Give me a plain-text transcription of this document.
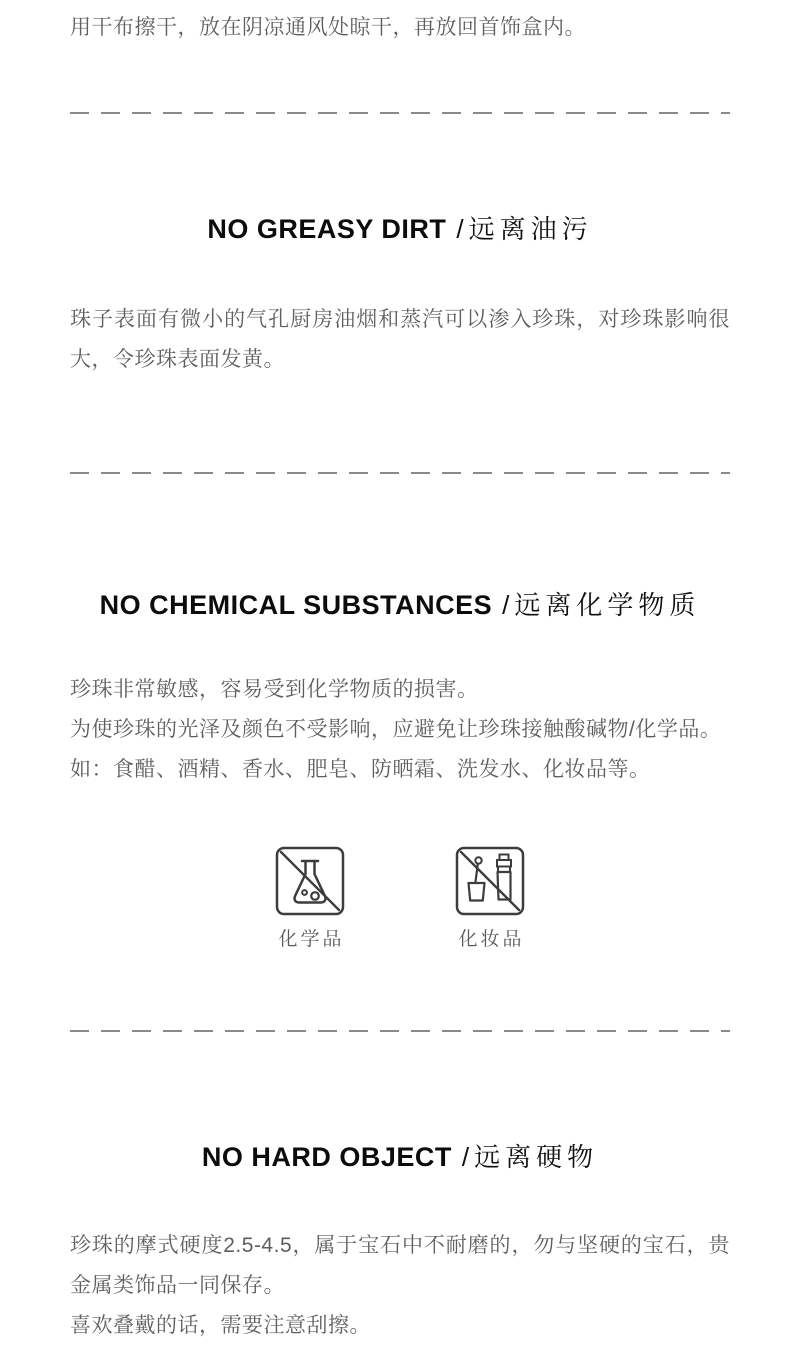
用干布擦干，放在阴凉通风处晾干，再放回首饰盒内。

NO GREASY DIRT /远离油污

珠子表面有微小的气孔厨房油烟和蒸汽可以渗入珍珠，对珍珠影响很大，令珍珠表面发黄。

NO CHEMICAL SUBSTANCES /远离化学物质
珍珠非常敏感，容易受到化学物质的损害。
为使珍珠的光泽及颜色不受影响，应避免让珍珠接触酸碱物/化学品。
如：食醋、酒精、香水、肥皂、防晒霜、洗发水、化妆品等。
化学品	化妆品
NO HARD OBJECT /远离硬物
珍珠的摩式硬度2.5-4.5，属于宝石中不耐磨的，勿与坚硬的宝石，贵金属类饰品一同保存。
喜欢叠戴的话，需要注意刮擦。
